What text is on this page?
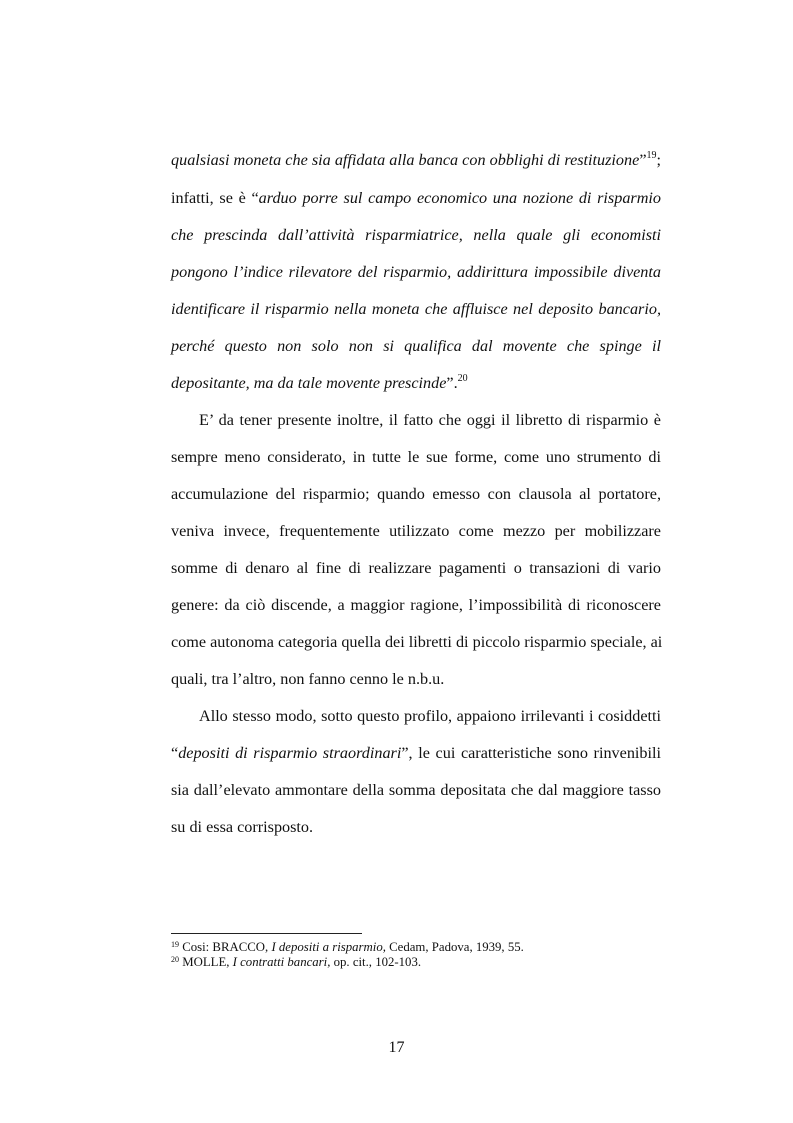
qualsiasi moneta che sia affidata alla banca con obblighi di restituzione”$^{19}$;
infatti, se è “arduo porre sul campo economico una nozione di risparmio
che prescinda dall’attività risparmiatrice, nella quale gli economisti
pongono l’indice rilevatore del risparmio, addirittura impossibile diventa
identificare il risparmio nella moneta che affluisce nel deposito bancario,
perché questo non solo non si qualifica dal movente che spinge il
depositante, ma da tale movente prescinde”.$^{20}$
E’ da tener presente inoltre, il fatto che oggi il libretto di risparmio è
sempre meno considerato, in tutte le sue forme, come uno strumento di
accumulazione del risparmio; quando emesso con clausola al portatore,
veniva invece, frequentemente utilizzato come mezzo per mobilizzare
somme di denaro al fine di realizzare pagamenti o transazioni di vario
genere: da ciò discende, a maggior ragione, l’impossibilità di riconoscere
come autonoma categoria quella dei libretti di piccolo risparmio speciale, ai
quali, tra l’altro, non fanno cenno le n.b.u.
Allo stesso modo, sotto questo profilo, appaiono irrilevanti i cosiddetti
“depositi di risparmio straordinari”, le cui caratteristiche sono rinvenibili
sia dall’elevato ammontare della somma depositata che dal maggiore tasso
su di essa corrisposto.
$^{19}$ Cosi: BRACCO, I depositi a risparmio, Cedam, Padova, 1939, 55.
$^{20}$ MOLLE, I contratti bancari, op. cit., 102-103.
17
